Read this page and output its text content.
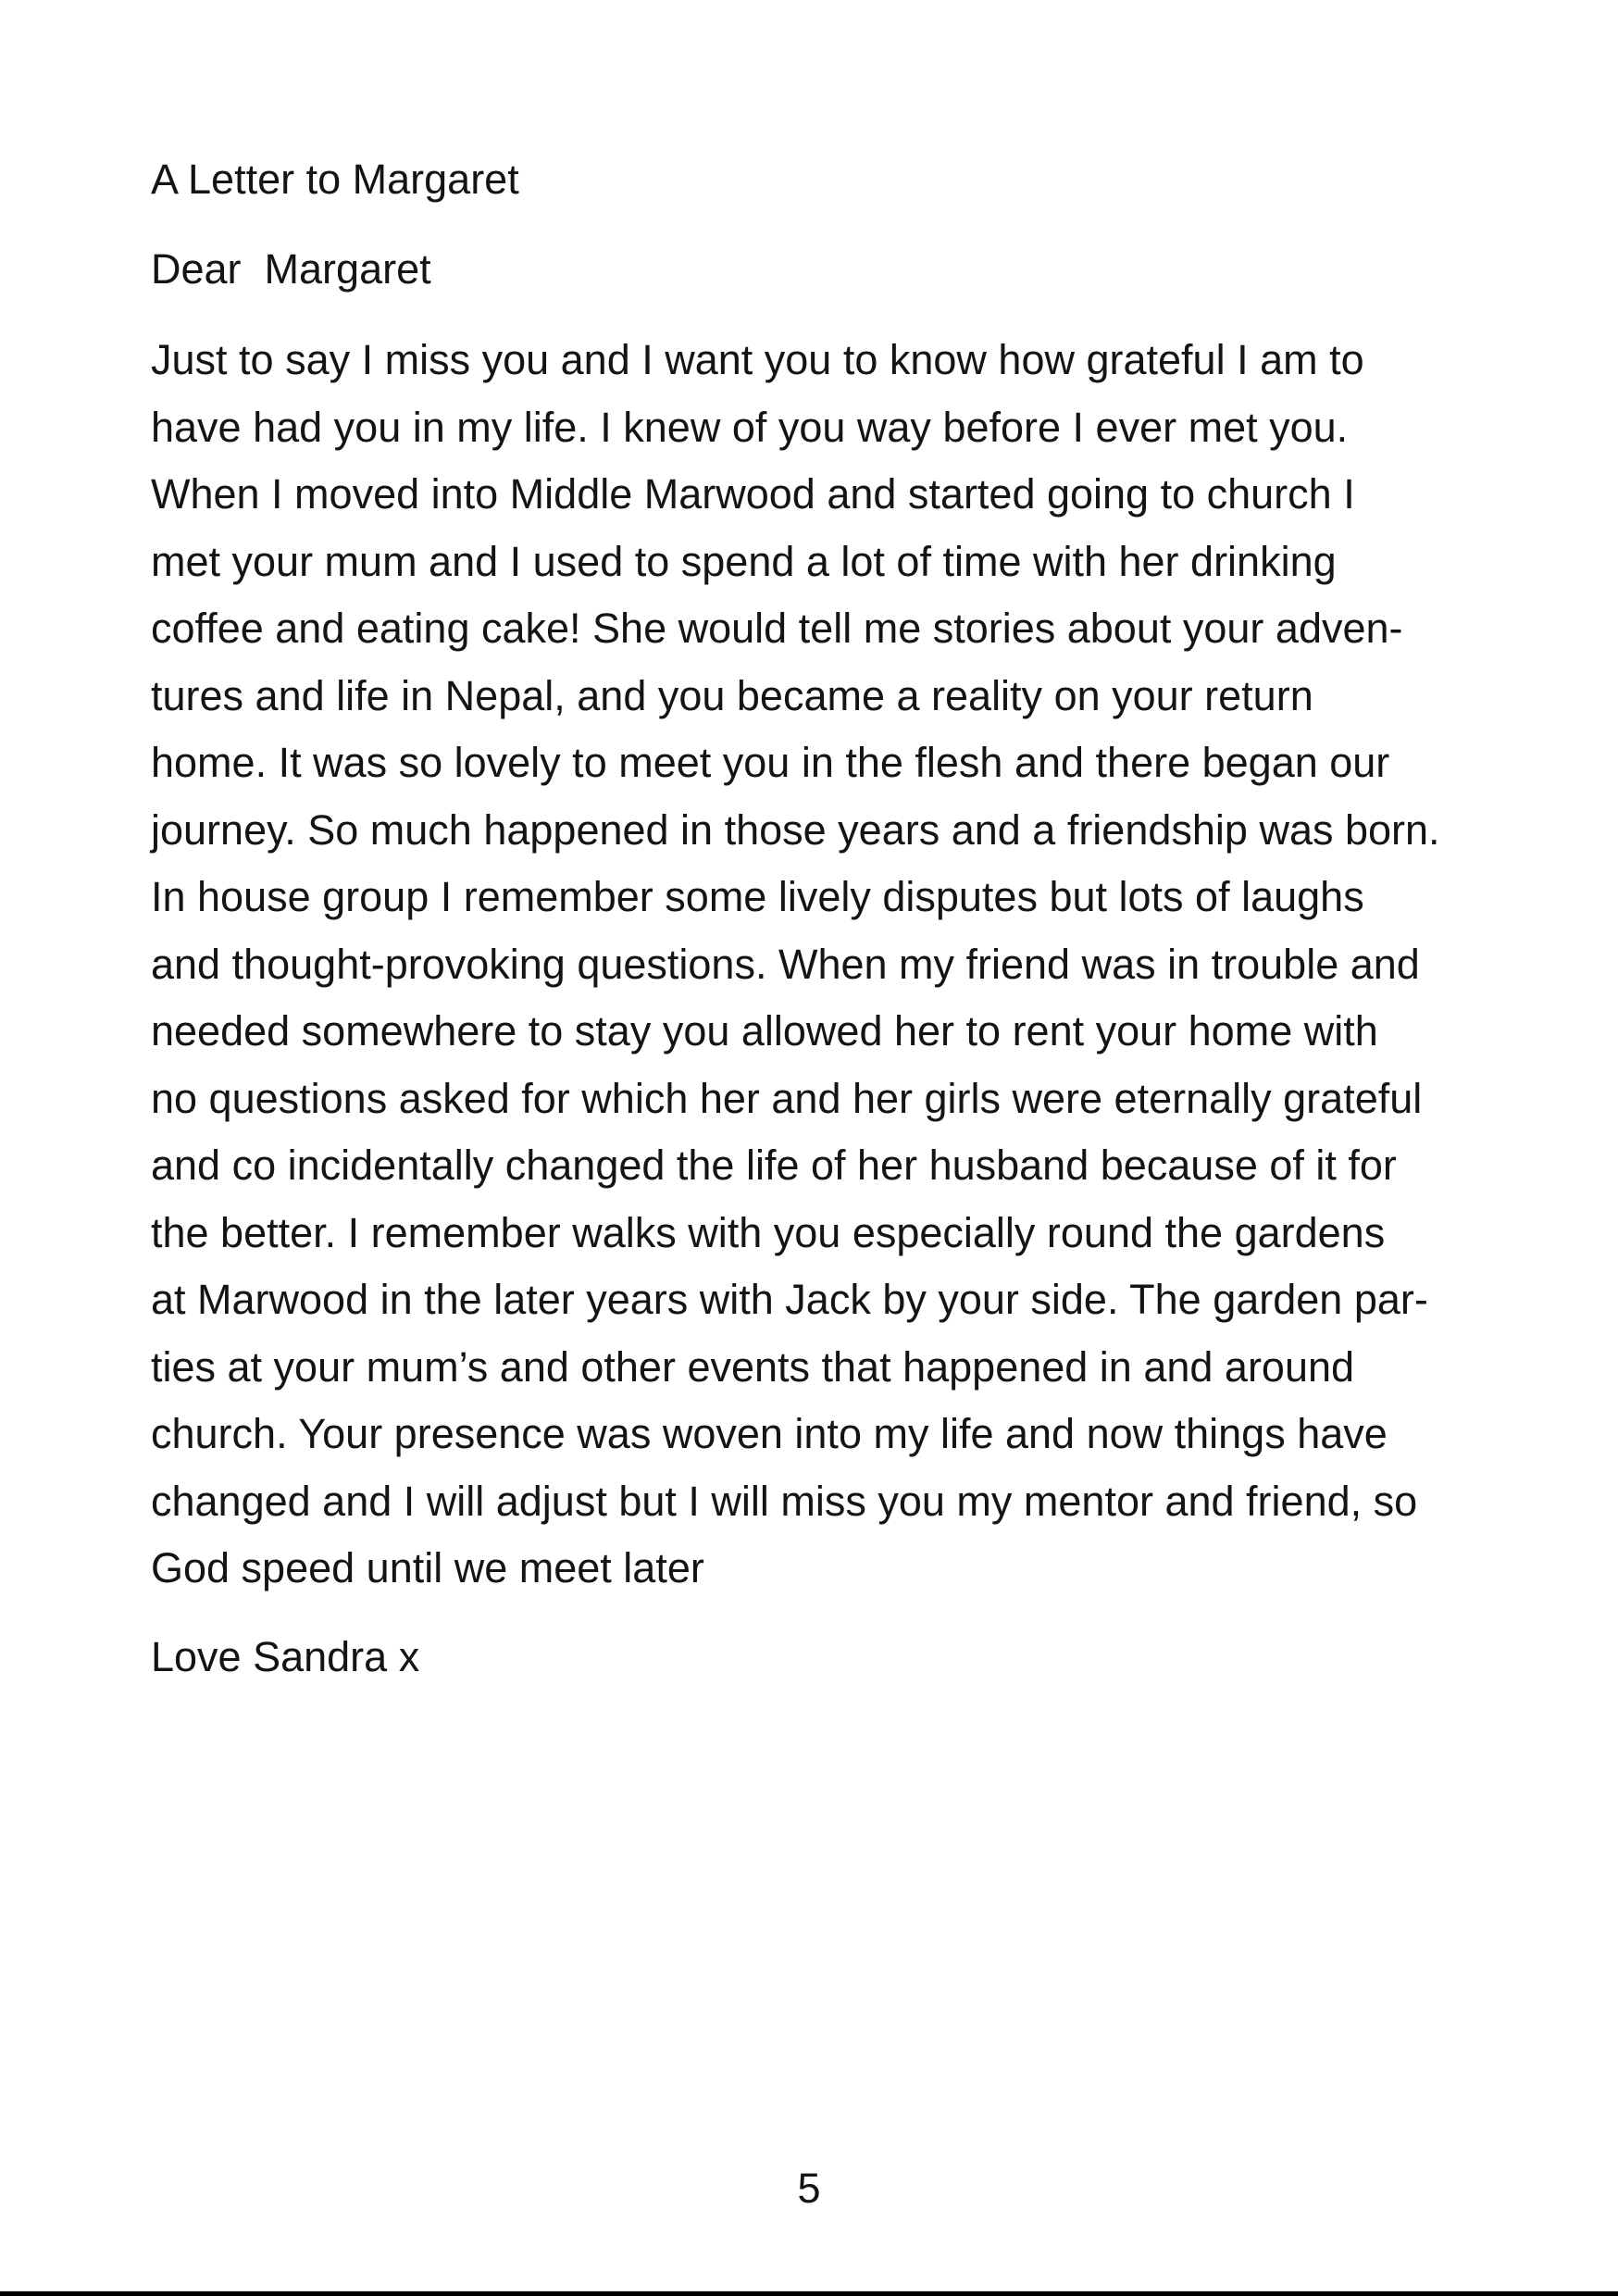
A Letter to Margaret
Dear  Margaret
Just to say I miss you and I want you to know how grateful I am to
have had you in my life. I knew of you way before I ever met you.
When I moved into Middle Marwood and started going to church I
met your mum and I used to spend a lot of time with her drinking
coffee and eating cake! She would tell me stories about your adven-
tures and life in Nepal, and you became a reality on your return
home. It was so lovely to meet you in the flesh and there began our
journey. So much happened in those years and a friendship was born.
In house group I remember some lively disputes but lots of laughs
and thought-provoking questions. When my friend was in trouble and
needed somewhere to stay you allowed her to rent your home with
no questions asked for which her and her girls were eternally grateful
and co incidentally changed the life of her husband because of it for
the better. I remember walks with you especially round the gardens
at Marwood in the later years with Jack by your side. The garden par-
ties at your mum’s and other events that happened in and around
church. Your presence was woven into my life and now things have
changed and I will adjust but I will miss you my mentor and friend, so
God speed until we meet later
Love Sandra x
5
